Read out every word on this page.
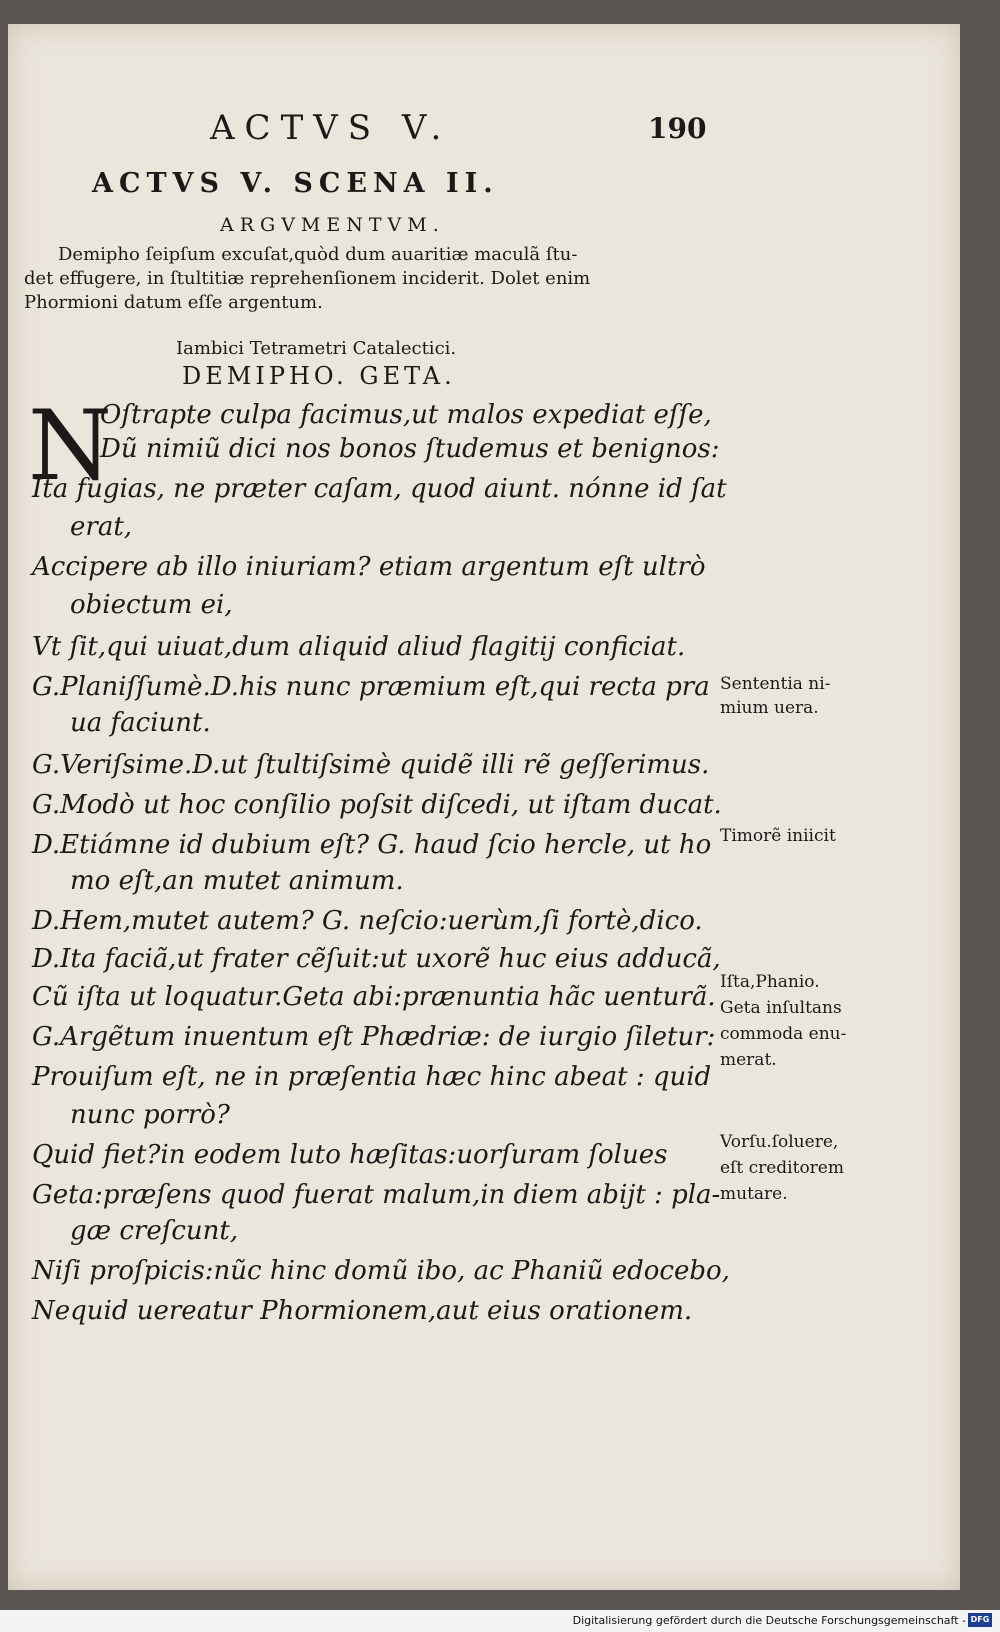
ACTVS V.	190
ACTVS V. SCENA II.
ARGVMENTVM.
Demipho ſeipſum excuſat,quòd dum auaritiæ maculã ſtu-
det effugere, in ſtultitiæ reprehenſionem inciderit. Dolet enim
Phormioni datum eſſe argentum.
Iambici Tetrametri Catalectici.
DEMIPHO. GETA.
N
Oſtrapte culpa facimus,ut malos expediat eſſe,
Dũ nimiũ dici nos bonos ſtudemus et benignos:
Ita fugias, ne præter caſam, quod aiunt. nónne id ſat
erat,
Accipere ab illo iniuriam? etiam argentum eſt ultrò
obiectum ei,
Vt ſit,qui uiuat,dum aliquid aliud flagitij conficiat.
G.Planiſſumè.D.his nunc præmium eſt,qui recta pra
ua faciunt.
G.Veriſsime.D.ut ſtultiſsimè quidẽ illi rẽ geſſerimus.
G.Modò ut hoc conſilio poſsit diſcedi, ut iſtam ducat.
D.Etiámne id dubium eſt? G. haud ſcio hercle, ut ho
mo eſt,an mutet animum.
D.Hem,mutet autem? G. neſcio:uerùm,ſi fortè,dico.
D.Ita faciã,ut frater cẽſuit:ut uxorẽ huc eius adducã,
Cũ iſta ut loquatur.Geta abi:prænuntia hãc uenturã.
G.Argẽtum inuentum eſt Phædriæ: de iurgio ſiletur:
Prouiſum eſt, ne in præſentia hæc hinc abeat : quid
nunc porrò?
Quid fiet?in eodem luto hæſitas:uorſuram ſolues
Geta:præſens quod fuerat malum,in diem abijt : pla-
gæ creſcunt,
Niſi proſpicis:nũc hinc domũ ibo, ac Phaniũ edocebo,
Nequid uereatur Phormionem,aut eius orationem.
Sententia ni-
mium uera.
Timorẽ iniicit
Iſta,Phanio.
Geta inſultans
commoda enu-
merat.
Vorſu.ſoluere,
eſt creditorem
mutare.
Digitalisierung gefördert durch die Deutsche Forschungsgemeinschaft - DFG
